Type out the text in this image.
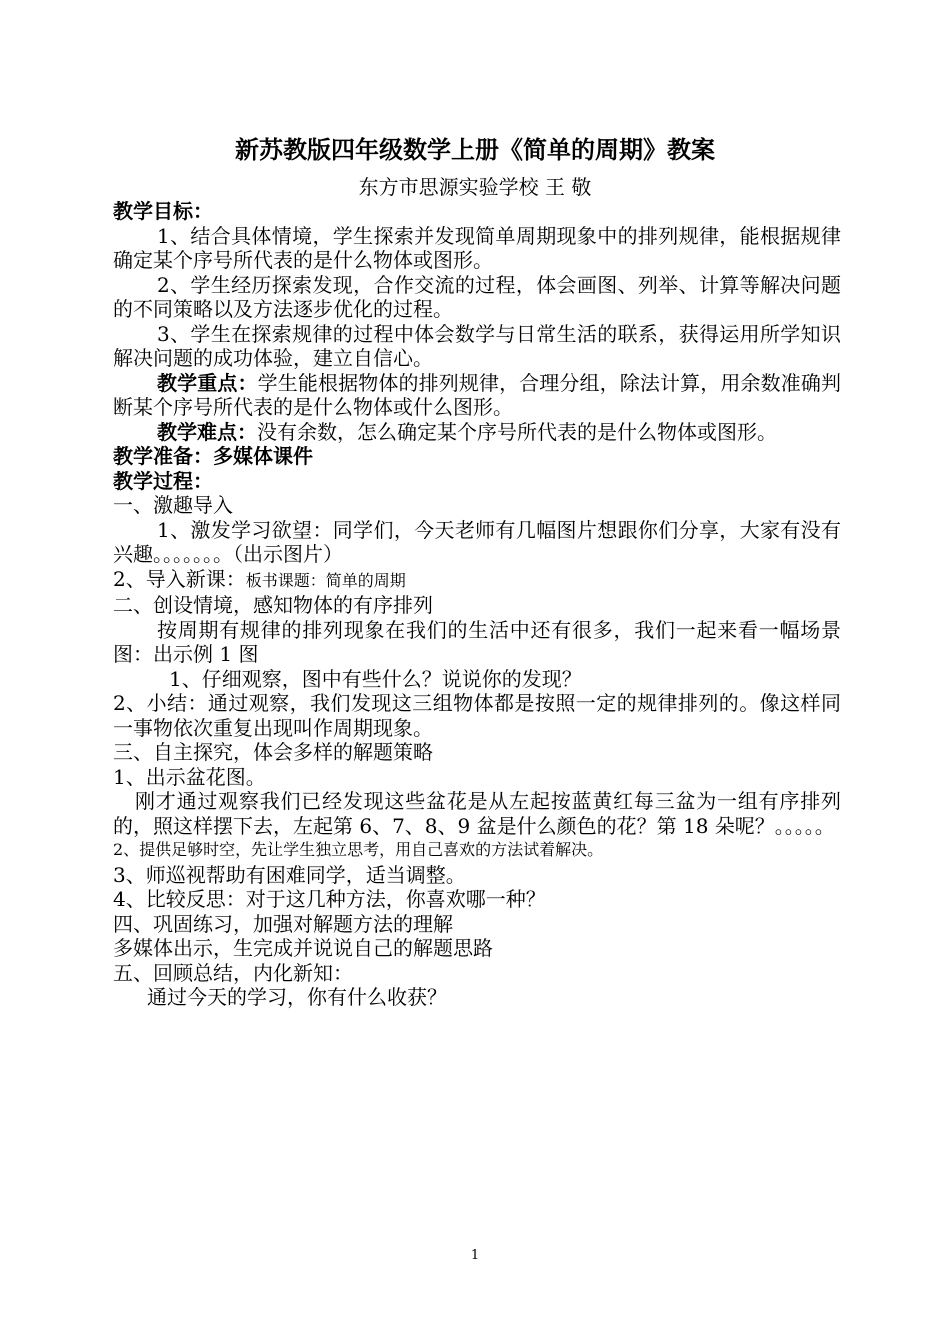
新苏教版四年级数学上册《简单的周期》教案
东方市思源实验学校 王 敬

教学目标：

1、结合具体情境，学生探索并发现简单周期现象中的排列规律，能根据规律确定某个序号所代表的是什么物体或图形。

2、学生经历探索发现，合作交流的过程，体会画图、列举、计算等解决问题的不同策略以及方法逐步优化的过程。

3、学生在探索规律的过程中体会数学与日常生活的联系，获得运用所学知识解决问题的成功体验，建立自信心。

教学重点：学生能根据物体的排列规律，合理分组，除法计算，用余数准确判断某个序号所代表的是什么物体或什么图形。

教学难点：没有余数，怎么确定某个序号所代表的是什么物体或图形。

教学准备：多媒体课件

教学过程：

一、激趣导入

1、激发学习欲望：同学们，今天老师有几幅图片想跟你们分享，大家有没有兴趣。。。。。。。（出示图片）

2、导入新课：板书课题：简单的周期

二、创设情境，感知物体的有序排列

按周期有规律的排列现象在我们的生活中还有很多，我们一起来看一幅场景图：出示例 1 图

1、仔细观察，图中有些什么？说说你的发现？

2、小结：通过观察，我们发现这三组物体都是按照一定的规律排列的。像这样同一事物依次重复出现叫作周期现象。

三、自主探究，体会多样的解题策略

1、出示盆花图。

刚才通过观察我们已经发现这些盆花是从左起按蓝黄红每三盆为一组有序排列的，照这样摆下去，左起第 6、7、8、9 盆是什么颜色的花？第 18 朵呢？。。。。。

2、提供足够时空，先让学生独立思考，用自己喜欢的方法试着解决。

3、师巡视帮助有困难同学，适当调整。

4、比较反思：对于这几种方法，你喜欢哪一种？

四、巩固练习，加强对解题方法的理解

多媒体出示，生完成并说说自己的解题思路

五、回顾总结，内化新知：

通过今天的学习，你有什么收获？

1
